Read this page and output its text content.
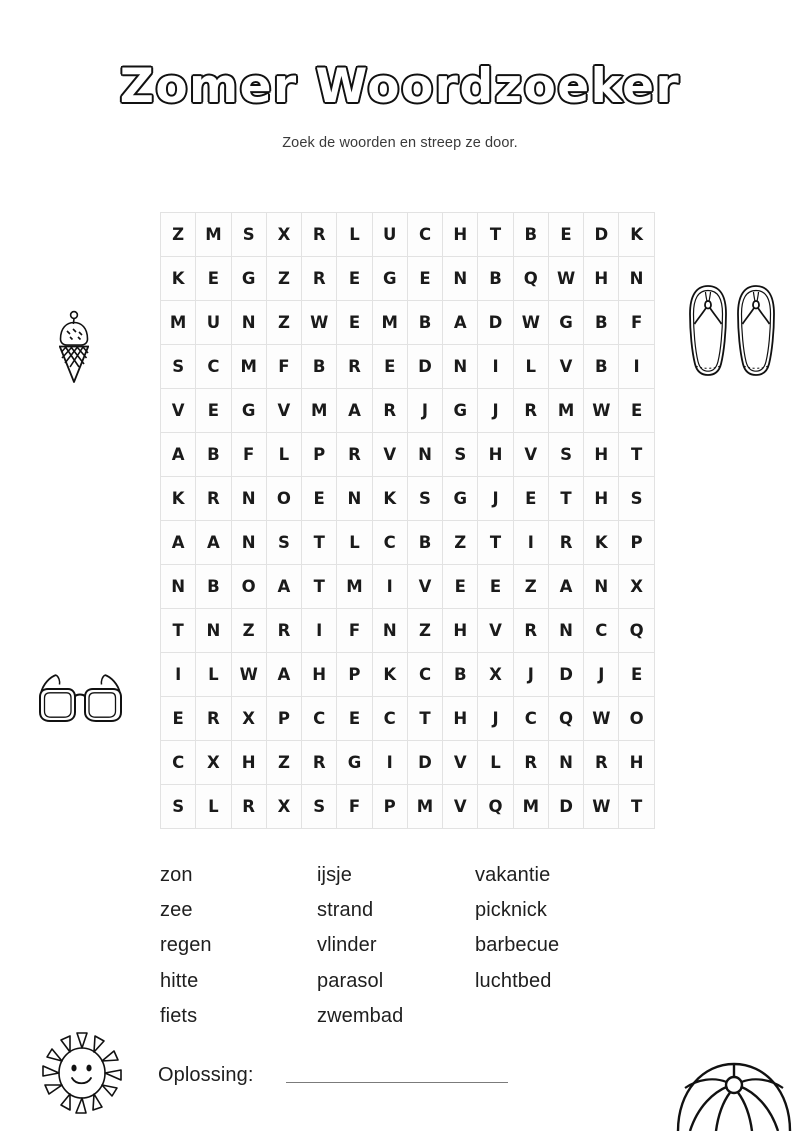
Zomer Woordzoeker

Zoek de woorden en streep ze door.

Z	M	S	X	R	L	U	C	H	T	B	E	D	K
K	E	G	Z	R	E	G	E	N	B	Q	W	H	N
M	U	N	Z	W	E	M	B	A	D	W	G	B	F
S	C	M	F	B	R	E	D	N	I	L	V	B	I
V	E	G	V	M	A	R	J	G	J	R	M	W	E
A	B	F	L	P	R	V	N	S	H	V	S	H	T
K	R	N	O	E	N	K	S	G	J	E	T	H	S
A	A	N	S	T	L	C	B	Z	T	I	R	K	P
N	B	O	A	T	M	I	V	E	E	Z	A	N	X
T	N	Z	R	I	F	N	Z	H	V	R	N	C	Q
I	L	W	A	H	P	K	C	B	X	J	D	J	E
E	R	X	P	C	E	C	T	H	J	C	Q	W	O
C	X	H	Z	R	G	I	D	V	L	R	N	R	H
S	L	R	X	S	F	P	M	V	Q	M	D	W	T
zon
zee
regen
hitte
fiets
ijsje
strand
vlinder
parasol
zwembad
vakantie
picknick
barbecue
luchtbed
Oplossing:
